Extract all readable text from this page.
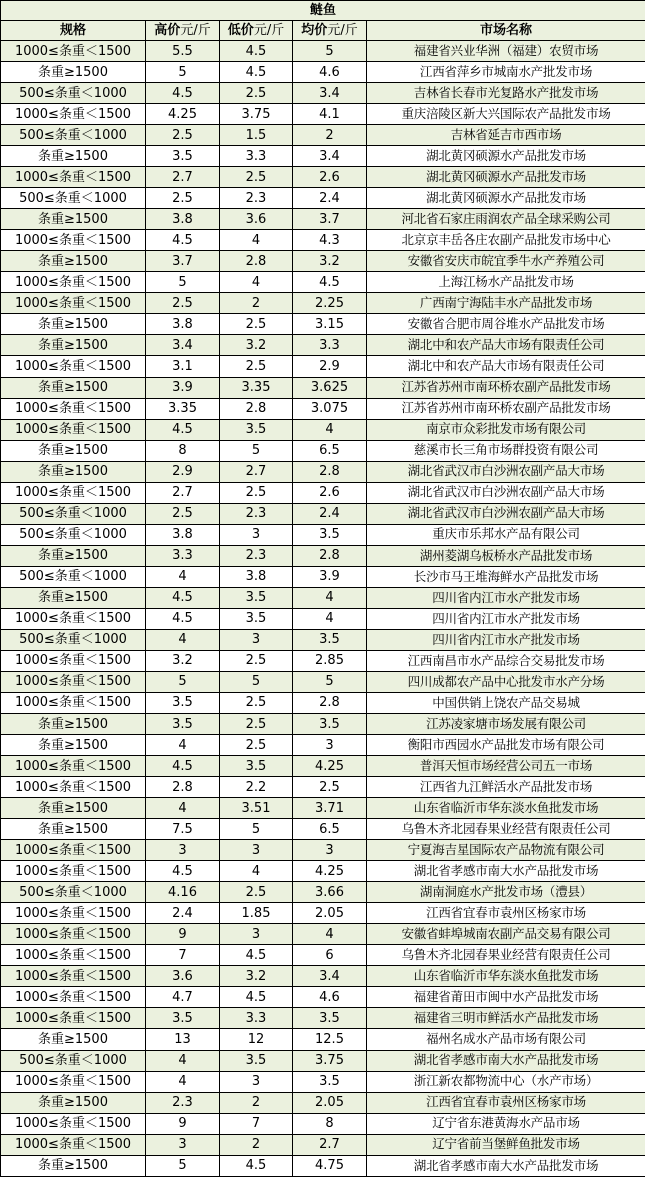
鲢鱼				
规格	高价元/斤	低价元/斤	均价元/斤	市场名称
1000≤条重＜1500	5.5	4.5	5	福建省兴业华洲（福建）农贸市场
条重≥1500	5	4.5	4.6	江西省萍乡市城南水产批发市场
500≤条重＜1000	4.5	2.5	3.4	吉林省长春市光复路水产批发市场
1000≤条重＜1500	4.25	3.75	4.1	重庆涪陵区新大兴国际农产品批发市场
500≤条重＜1000	2.5	1.5	2	吉林省延吉市西市场
条重≥1500	3.5	3.3	3.4	湖北黄冈硕源水产品批发市场
1000≤条重＜1500	2.7	2.5	2.6	湖北黄冈硕源水产品批发市场
500≤条重＜1000	2.5	2.3	2.4	湖北黄冈硕源水产品批发市场
条重≥1500	3.8	3.6	3.7	河北省石家庄雨润农产品全球采购公司
1000≤条重＜1500	4.5	4	4.3	北京京丰岳各庄农副产品批发市场中心
条重≥1500	3.7	2.8	3.2	安徽省安庆市皖宜季牛水产养殖公司
1000≤条重＜1500	5	4	4.5	上海江杨水产品批发市场
1000≤条重＜1500	2.5	2	2.25	广西南宁海陆丰水产品批发市场
条重≥1500	3.8	2.5	3.15	安徽省合肥市周谷堆水产品批发市场
条重≥1500	3.4	3.2	3.3	湖北中和农产品大市场有限责任公司
1000≤条重＜1500	3.1	2.5	2.9	湖北中和农产品大市场有限责任公司
条重≥1500	3.9	3.35	3.625	江苏省苏州市南环桥农副产品批发市场
1000≤条重＜1500	3.35	2.8	3.075	江苏省苏州市南环桥农副产品批发市场
1000≤条重＜1500	4.5	3.5	4	南京市众彩批发市场有限公司
条重≥1500	8	5	6.5	慈溪市长三角市场群投资有限公司
条重≥1500	2.9	2.7	2.8	湖北省武汉市白沙洲农副产品大市场
1000≤条重＜1500	2.7	2.5	2.6	湖北省武汉市白沙洲农副产品大市场
500≤条重＜1000	2.5	2.3	2.4	湖北省武汉市白沙洲农副产品大市场
500≤条重＜1000	3.8	3	3.5	重庆市乐邦水产品有限公司
条重≥1500	3.3	2.3	2.8	湖州菱湖乌板桥水产品批发市场
500≤条重＜1000	4	3.8	3.9	长沙市马王堆海鲜水产品批发市场
条重≥1500	4.5	3.5	4	四川省内江市水产批发市场
1000≤条重＜1500	4.5	3.5	4	四川省内江市水产批发市场
500≤条重＜1000	4	3	3.5	四川省内江市水产批发市场
1000≤条重＜1500	3.2	2.5	2.85	江西南昌市水产品综合交易批发市场
1000≤条重＜1500	5	5	5	四川成都农产品中心批发市水产分场
1000≤条重＜1500	3.5	2.5	2.8	中国供销上饶农产品交易城
条重≥1500	3.5	2.5	3.5	江苏凌家塘市场发展有限公司
条重≥1500	4	2.5	3	衡阳市西园水产品批发市场有限公司
1000≤条重＜1500	4.5	3.5	4.25	普洱天恒市场经营公司五一市场
1000≤条重＜1500	2.8	2.2	2.5	江西省九江鲜活水产品批发市场
条重≥1500	4	3.51	3.71	山东省临沂市华东淡水鱼批发市场
条重≥1500	7.5	5	6.5	乌鲁木齐北园春果业经营有限责任公司
1000≤条重＜1500	3	3	3	宁夏海吉星国际农产品物流有限公司
1000≤条重＜1500	4.5	4	4.25	湖北省孝感市南大水产品批发市场
500≤条重＜1000	4.16	2.5	3.66	湖南洞庭水产批发市场（澧县）
1000≤条重＜1500	2.4	1.85	2.05	江西省宜春市袁州区杨家市场
1000≤条重＜1500	9	3	4	安徽省蚌埠城南农副产品交易有限公司
1000≤条重＜1500	7	4.5	6	乌鲁木齐北园春果业经营有限责任公司
1000≤条重＜1500	3.6	3.2	3.4	山东省临沂市华东淡水鱼批发市场
1000≤条重＜1500	4.7	4.5	4.6	福建省莆田市闽中水产品批发市场
1000≤条重＜1500	3.5	3.3	3.5	福建省三明市鲜活水产品批发市场
条重≥1500	13	12	12.5	福州名成水产品市场有限公司
500≤条重＜1000	4	3.5	3.75	湖北省孝感市南大水产品批发市场
1000≤条重＜1500	4	3	3.5	浙江新农都物流中心（水产市场）
条重≥1500	2.3	2	2.05	江西省宜春市袁州区杨家市场
1000≤条重＜1500	9	7	8	辽宁省东港黄海水产品市场
1000≤条重＜1500	3	2	2.7	辽宁省前当堡鲜鱼批发市场
条重≥1500	5	4.5	4.75	湖北省孝感市南大水产品批发市场
